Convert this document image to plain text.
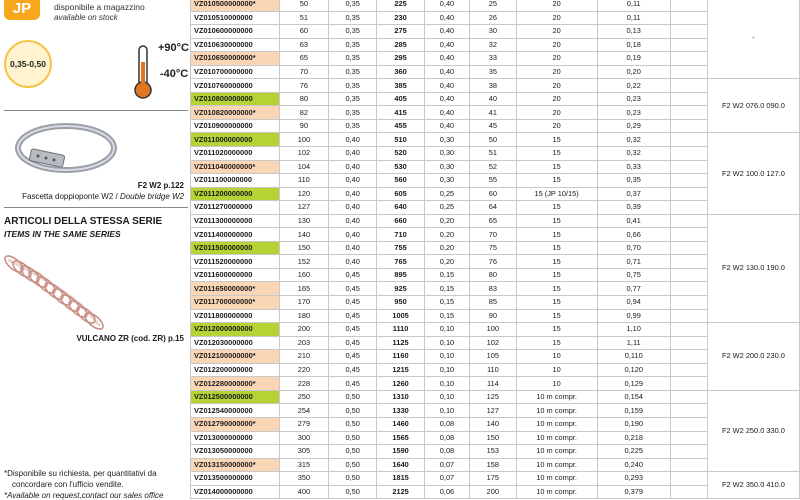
JP	disponibile a magazzino
available on stock
0,35-0,50
+90°C
-40°C
F2 W2 p.122
Fascetta doppioponte W2 / Double bridge W2
ARTICOLI DELLA STESSA SERIE
ITEMS IN THE SAME SERIES
VULCANO ZR (cod. ZR) p.15
*Disponibile su richiesta, per quantitativi da
concordare con l'ufficio vendite.
*Available on request,contact our sales office
VZ010500000000*	50	0,35	225	0,40	25	20	0,11		-
VZ010510000000	51	0,35	230	0,40	26	20	0,11		
VZ010600000000	60	0,35	275	0,40	30	20	0,13		
VZ010630000000	63	0,35	285	0,40	32	20	0,18		
VZ010650000000*	65	0,35	295	0,40	33	20	0,19		
VZ010700000000	70	0,35	360	0,40	35	20	0,20		
VZ010760000000	76	0,35	385	0,40	38	20	0,22		F2 W2 076.0 090.0
VZ010800000000	80	0,35	405	0,40	40	20	0,23		
VZ010820000000*	82	0,35	415	0,40	41	20	0,23		
VZ010900000000	90	0,35	455	0,40	45	20	0,29		
VZ011000000000	100	0,40	510	0,30	50	15	0,32		F2 W2 100.0 127.0
VZ011020000000	102	0,40	520	0,30	51	15	0,32		
VZ011040000000*	104	0,40	530	0,30	52	15	0,33		
VZ011100000000	110	0,40	560	0,30	55	15	0,35		
VZ011200000000	120	0,40	605	0,25	60	15 (JP 10/15)	0,37		
VZ011270000000	127	0,40	640	0,25	64	15	0,39		
VZ011300000000	130	0,40	660	0,20	65	15	0,41		F2 W2 130.0 190.0
VZ011400000000	140	0,40	710	0,20	70	15	0,66		
VZ011500000000	150	0,40	755	0,20	75	15	0,70		
VZ011520000000	152	0,40	765	0,20	76	15	0,71		
VZ011600000000	160	0,45	895	0,15	80	15	0,75		
VZ011650000000*	165	0,45	925	0,15	83	15	0,77		
VZ011700000000*	170	0,45	950	0,15	85	15	0,94		
VZ011800000000	180	0,45	1005	0,15	90	15	0,99		
VZ012000000000	200	0,45	1110	0,10	100	15	1,10		F2 W2 200.0 230.0
VZ012030000000	203	0,45	1125	0,10	102	15	1,11		
VZ012100000000*	210	0,45	1160	0,10	105	10	0,110		
VZ012200000000	220	0,45	1215	0,10	110	10	0,120		
VZ012280000000*	228	0,45	1260	0,10	114	10	0,129		
VZ012500000000	250	0,50	1310	0,10	125	10 m compr.	0,154		F2 W2 250.0 330.0
VZ012540000000	254	0,50	1330	0,10	127	10 m compr.	0,159		
VZ012790000000*	279	0,50	1460	0,08	140	10 m compr.	0,190		
VZ013000000000	300	0,50	1565	0,08	150	10 m compr.	0,218		
VZ013050000000	305	0,50	1590	0,08	153	10 m compr.	0,225		
VZ013150000000*	315	0,50	1640	0,07	158	10 m compr.	0,240		
VZ013500000000	350	0,50	1815	0,07	175	10 m compr.	0,293		F2 W2 350.0 410.0
VZ014000000000	400	0,50	2125	0,06	200	10 m compr.	0,379		
